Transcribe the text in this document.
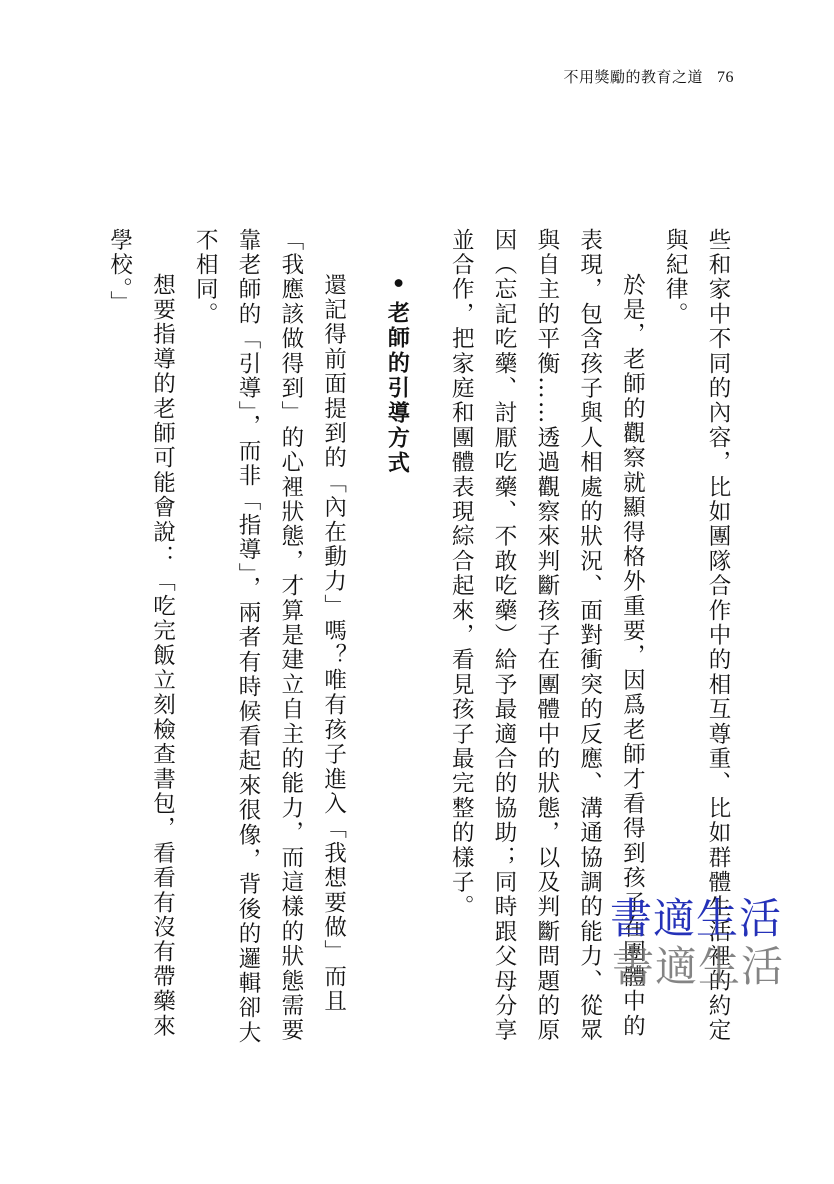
不用獎勵的教育之道 76

些和家中不同的內容，比如團隊合作中的相互尊重、比如群體生活裡的約定與紀律。

於是，老師的觀察就顯得格外重要，因爲老師才看得到孩子在團體中的表現，包含孩子與人相處的狀況、面對衝突的反應、溝通協調的能力、從眾與自主的平衡……透過觀察來判斷孩子在團體中的狀態，以及判斷問題的原因（忘記吃藥、討厭吃藥、不敢吃藥）給予最適合的協助；同時跟父母分享並合作，把家庭和團體表現綜合起來，看見孩子最完整的樣子。

•老師的引導方式

還記得前面提到的「內在動力」嗎？唯有孩子進入「我想要做」而且「我應該做得到」的心裡狀態，才算是建立自主的能力，而這樣的狀態需要靠老師的「引導」，而非「指導」，兩者有時候看起來很像，背後的邏輯卻大不相同。

想要指導的老師可能會說：「吃完飯立刻檢查書包，看看有沒有帶藥來學校。」

書適生活
書適生活
